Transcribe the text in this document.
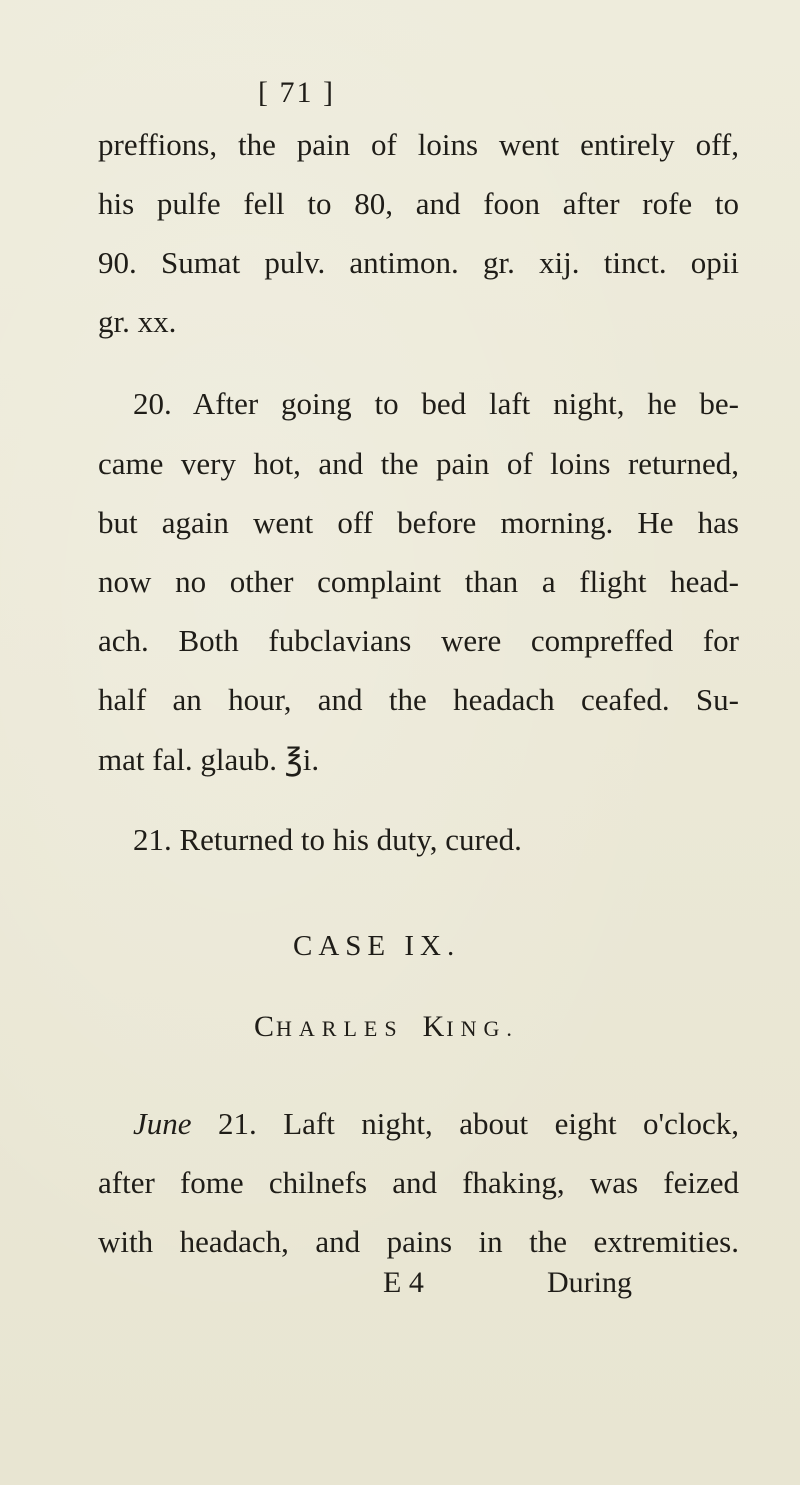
[ 71 ]
preffions, the pain of loins went entirely off,
his pulfe fell to 80, and foon after rofe to
90. Sumat pulv. antimon. gr. xij. tinct. opii
gr. xx.
20. After going to bed laft night, he be-
came very hot, and the pain of loins returned,
but again went off before morning. He has
now no other complaint than a flight head-
ach. Both fubclavians were compreffed for
half an hour, and the headach ceafed. Su-
mat fal. glaub. ℥i.
21. Returned to his duty, cured.
CASE IX.
CHARLES KING.
June 21. Laft night, about eight o'clock,
after fome chilnefs and fhaking, was feized
with headach, and pains in the extremities.
E 4	During
